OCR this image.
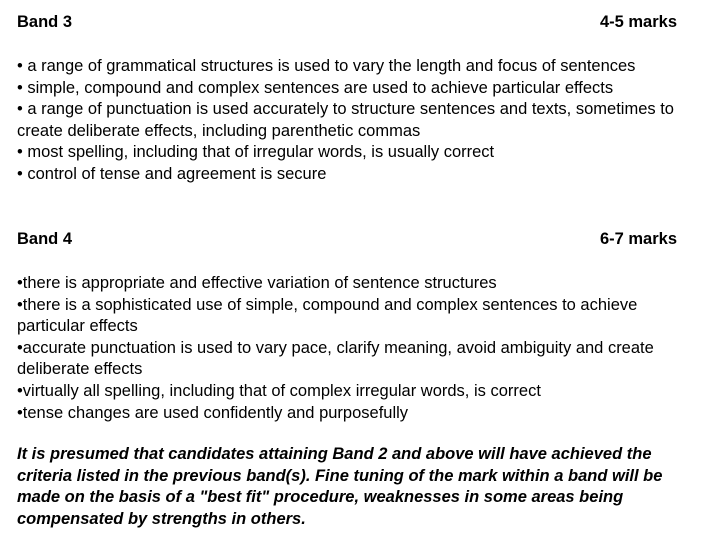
Band 3	4-5 marks
• a range of grammatical structures is used to vary the length and focus of sentences
• simple, compound and complex sentences are used to achieve particular effects
• a range of punctuation is used accurately to structure sentences and texts, sometimes to create deliberate effects, including parenthetic commas
• most spelling, including that of irregular words, is usually correct
• control of tense and agreement is secure
Band 4	6-7 marks
•there is appropriate and effective variation of sentence structures
•there is a sophisticated use of simple, compound and complex sentences to achieve particular effects
•accurate punctuation is used to vary pace, clarify meaning, avoid ambiguity and create deliberate effects
•virtually all spelling, including that of complex irregular words, is correct
•tense changes are used confidently and purposefully

It is presumed that candidates attaining Band 2 and above will have achieved the criteria listed in the previous band(s). Fine tuning of the mark within a band will be made on the basis of a "best fit" procedure, weaknesses in some areas being compensated by strengths in others.
